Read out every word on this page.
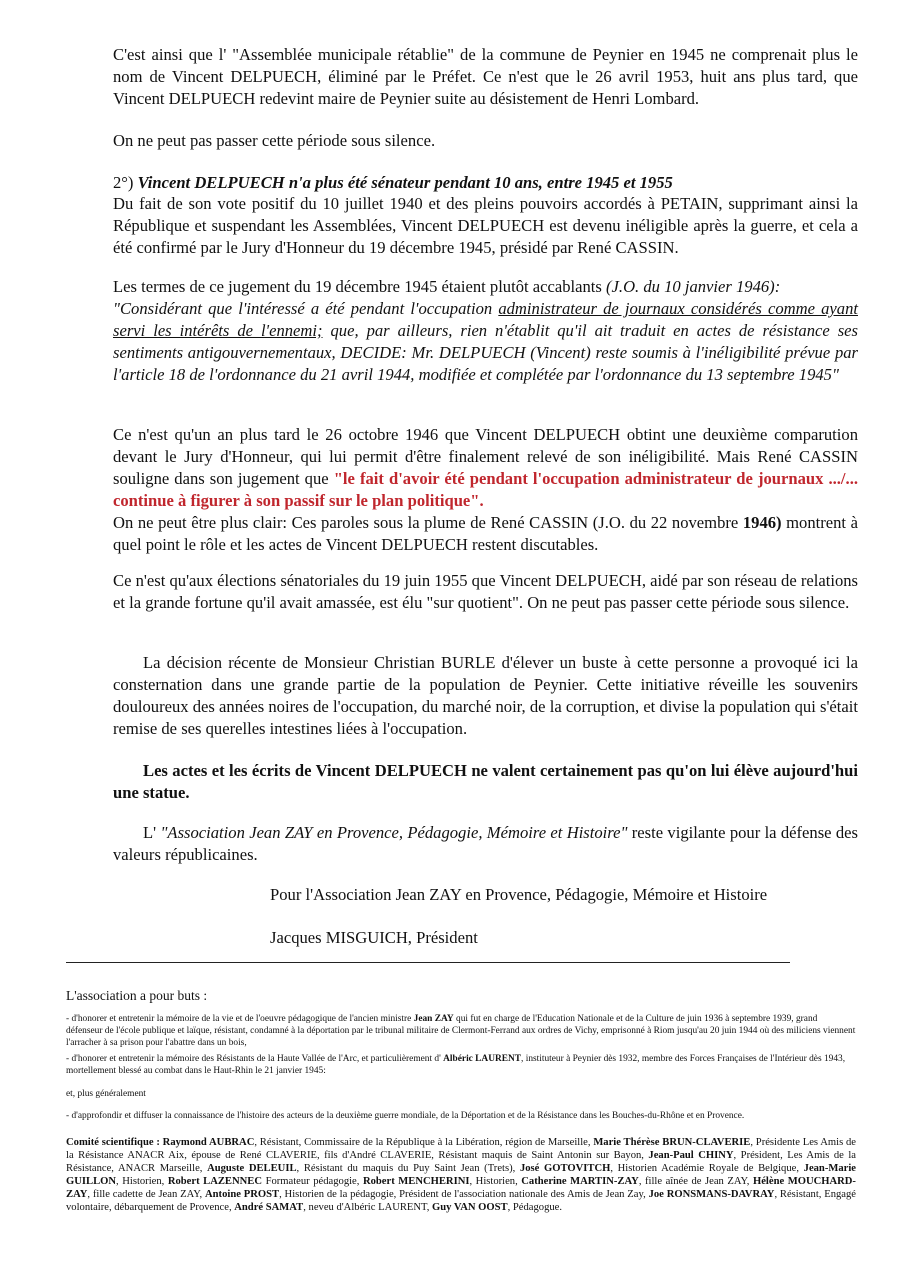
C'est ainsi que l' "Assemblée municipale rétablie" de la commune de Peynier en 1945 ne comprenait plus le nom de Vincent DELPUECH, éliminé par le Préfet. Ce n'est que le 26 avril 1953, huit ans plus tard, que Vincent DELPUECH redevint maire de Peynier suite au désistement de Henri Lombard.

On ne peut pas passer cette période sous silence.

2°) Vincent DELPUECH n'a plus été sénateur pendant 10 ans, entre 1945 et 1955

Du fait de son vote positif du 10 juillet 1940 et des pleins pouvoirs accordés à PETAIN, supprimant ainsi la République et suspendant les Assemblées, Vincent DELPUECH est devenu inéligible après la guerre, et cela a été confirmé par le Jury d'Honneur du 19 décembre 1945, présidé par René CASSIN.

Les termes de ce jugement du 19 décembre 1945 étaient plutôt accablants (J.O. du 10 janvier 1946):
"Considérant que l'intéressé a été pendant l'occupation administrateur de journaux considérés comme ayant servi les intérêts de l'ennemi; que, par ailleurs, rien n'établit qu'il ait traduit en actes de résistance ses sentiments antigouvernementaux, DECIDE: Mr. DELPUECH (Vincent) reste soumis à l'inéligibilité prévue par l'article 18 de l'ordonnance du 21 avril 1944, modifiée et complétée par l'ordonnance du 13 septembre 1945"

Ce n'est qu'un an plus tard le 26 octobre 1946 que Vincent DELPUECH obtint une deuxième comparution devant le Jury d'Honneur, qui lui permit d'être finalement relevé de son inéligibilité. Mais René CASSIN souligne dans son jugement que "le fait d'avoir été pendant l'occupation administrateur de journaux .../... continue à figurer à son passif sur le plan politique".
On ne peut être plus clair: Ces paroles sous la plume de René CASSIN (J.O. du 22 novembre 1946) montrent à quel point le rôle et les actes de Vincent DELPUECH restent discutables.

Ce n'est qu'aux élections sénatoriales du 19 juin 1955 que Vincent DELPUECH, aidé par son réseau de relations et la grande fortune qu'il avait amassée, est élu "sur quotient". On ne peut pas passer cette période sous silence.

La décision récente de Monsieur Christian BURLE d'élever un buste à cette personne a provoqué ici la consternation dans une grande partie de la population de Peynier. Cette initiative réveille les souvenirs douloureux des années noires de l'occupation, du marché noir, de la corruption, et divise la population qui s'était remise de ses querelles intestines liées à l'occupation.

Les actes et les écrits de Vincent DELPUECH ne valent certainement pas qu'on lui élève aujourd'hui une statue.

L' "Association Jean ZAY en Provence, Pédagogie, Mémoire et Histoire" reste vigilante pour la défense des valeurs républicaines.

Pour l'Association Jean ZAY en Provence, Pédagogie, Mémoire et Histoire

Jacques MISGUICH, Président

L'association a pour buts :

- d'honorer et entretenir la mémoire de la vie et de l'oeuvre pédagogique de l'ancien ministre Jean ZAY qui fut en charge de l'Education Nationale et de la Culture de juin 1936 à septembre 1939, grand défenseur de l'école publique et laïque, résistant, condamné à la déportation par le tribunal militaire de Clermont-Ferrand aux ordres de Vichy, emprisonné à Riom jusqu'au 20 juin 1944 où des miliciens viennent l'arracher à sa prison pour l'abattre dans un bois,

- d'honorer et entretenir la mémoire des Résistants de la Haute Vallée de l'Arc, et particulièrement d' Albéric LAURENT, instituteur à Peynier dès 1932, membre des Forces Françaises de l'Intérieur dès 1943, mortellement blessé au combat dans le Haut-Rhin le 21 janvier 1945:

et, plus généralement

- d'approfondir et diffuser la connaissance de l'histoire des acteurs de la deuxième guerre mondiale, de la Déportation et de la Résistance dans les Bouches-du-Rhône et en Provence.

Comité scientifique : Raymond AUBRAC, Résistant, Commissaire de la République à la Libération, région de Marseille, Marie Thérèse BRUN-CLAVERIE, Présidente Les Amis de la Résistance ANACR Aix, épouse de René CLAVERIE, fils d'André CLAVERIE, Résistant maquis de Saint Antonin sur Bayon, Jean-Paul CHINY, Président, Les Amis de la Résistance, ANACR Marseille, Auguste DELEUIL, Résistant du maquis du Puy Saint Jean (Trets), José GOTOVITCH, Historien Académie Royale de Belgique, Jean-Marie GUILLON, Historien, Robert LAZENNEC Formateur pédagogie, Robert MENCHERINI, Historien, Catherine MARTIN-ZAY, fille aînée de Jean ZAY, Hélène MOUCHARD-ZAY, fille cadette de Jean ZAY, Antoine PROST, Historien de la pédagogie, Président de l'association nationale des Amis de Jean Zay, Joe RONSMANS-DAVRAY, Résistant, Engagé volontaire, débarquement de Provence, André SAMAT, neveu d'Albéric LAURENT, Guy VAN OOST, Pédagogue.
